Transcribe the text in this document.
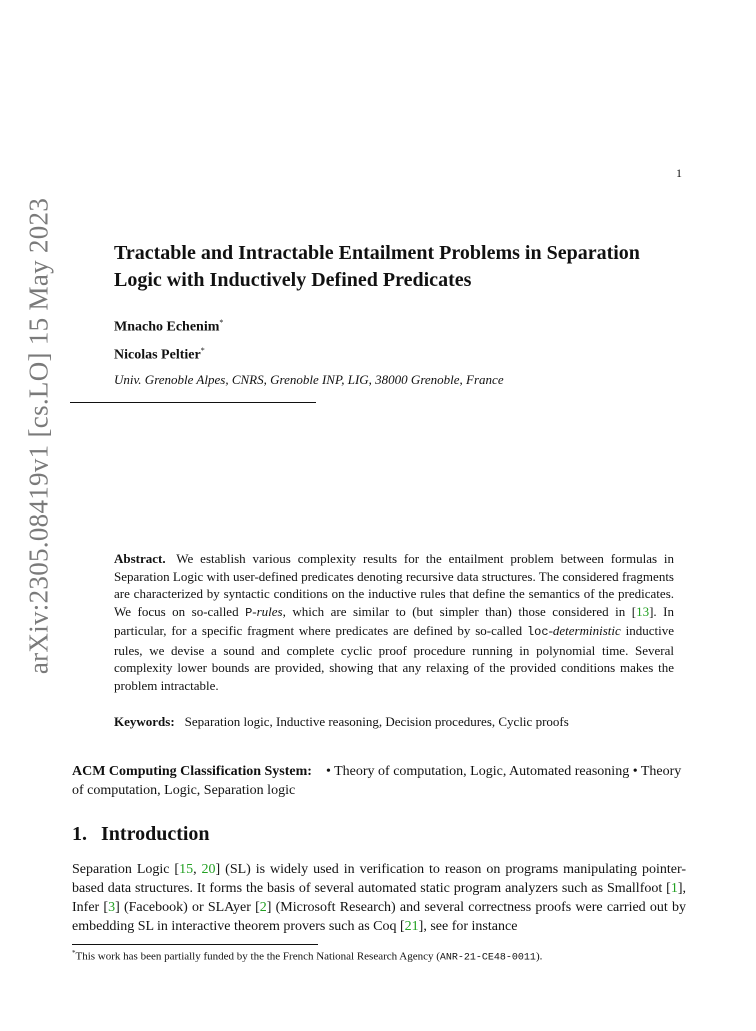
arXiv:2305.08419v1 [cs.LO] 15 May 2023
1
Tractable and Intractable Entailment Problems in Separation Logic with Inductively Defined Predicates
Mnacho Echenim*
Nicolas Peltier*
Univ. Grenoble Alpes, CNRS, Grenoble INP, LIG, 38000 Grenoble, France
Abstract. We establish various complexity results for the entailment problem between formulas in Separation Logic with user-defined predicates denoting recursive data structures. The considered fragments are characterized by syntactic conditions on the inductive rules that define the semantics of the predicates. We focus on so-called P-rules, which are similar to (but simpler than) those considered in [13]. In particular, for a specific fragment where predicates are defined by so-called loc-deterministic inductive rules, we devise a sound and complete cyclic proof procedure running in polynomial time. Several complexity lower bounds are provided, showing that any relaxing of the provided conditions makes the problem intractable.
Keywords: Separation logic, Inductive reasoning, Decision procedures, Cyclic proofs
ACM Computing Classification System: • Theory of computation, Logic, Automated reasoning • Theory of computation, Logic, Separation logic
1. Introduction
Separation Logic [15, 20] (SL) is widely used in verification to reason on programs manipulating pointer-based data structures. It forms the basis of several automated static program analyzers such as Smallfoot [1], Infer [3] (Facebook) or SLAyer [2] (Microsoft Research) and several correctness proofs were carried out by embedding SL in interactive theorem provers such as Coq [21], see for instance
*This work has been partially funded by the the French National Research Agency (ANR-21-CE48-0011).
